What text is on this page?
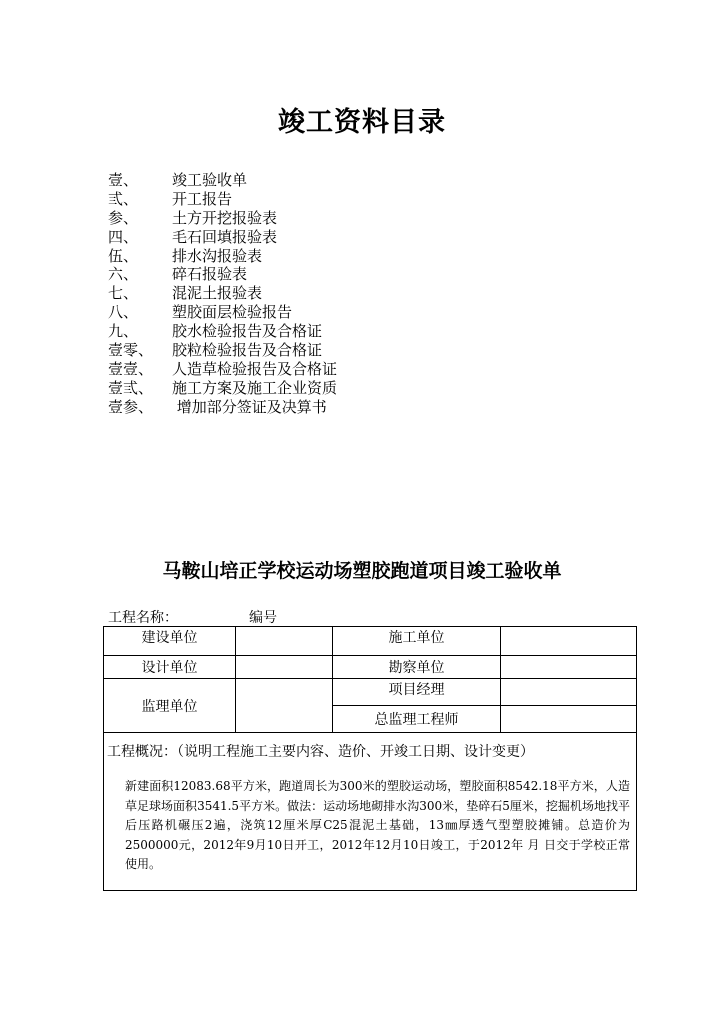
竣工资料目录
壹、 竣工验收单
弎、 开工报告
参、 土方开挖报验表
四、 毛石回填报验表
伍、 排水沟报验表
六、 碎石报验表
七、 混泥土报验表
八、 塑胶面层检验报告
九、 胶水检验报告及合格证
壹零、 胶粒检验报告及合格证
壹壹、 人造草检验报告及合格证
壹弎、 施工方案及施工企业资质
壹参、 增加部分签证及决算书
马鞍山培正学校运动场塑胶跑道项目竣工验收单
工程名称：	编号
建设单位		施工单位	
设计单位		勘察单位	
监理单位		项目经理	
		总监理工程师	

工程概况：（说明工程施工主要内容、造价、开竣工日期、设计变更）
新建面积12083.68平方米，跑道周长为300米的塑胶运动场，塑胶面积8542.18平方米，人造草足球场面积3541.5平方米。做法：运动场地砌排水沟300米，垫碎石5厘米，挖掘机场地找平后压路机碾压2遍，浇筑12厘米厚C25混泥土基础，13㎜厚透气型塑胶摊铺。总造价为2500000元，2012年9月10日开工，2012年12月10日竣工，于2012年 月 日交于学校正常使用。			
